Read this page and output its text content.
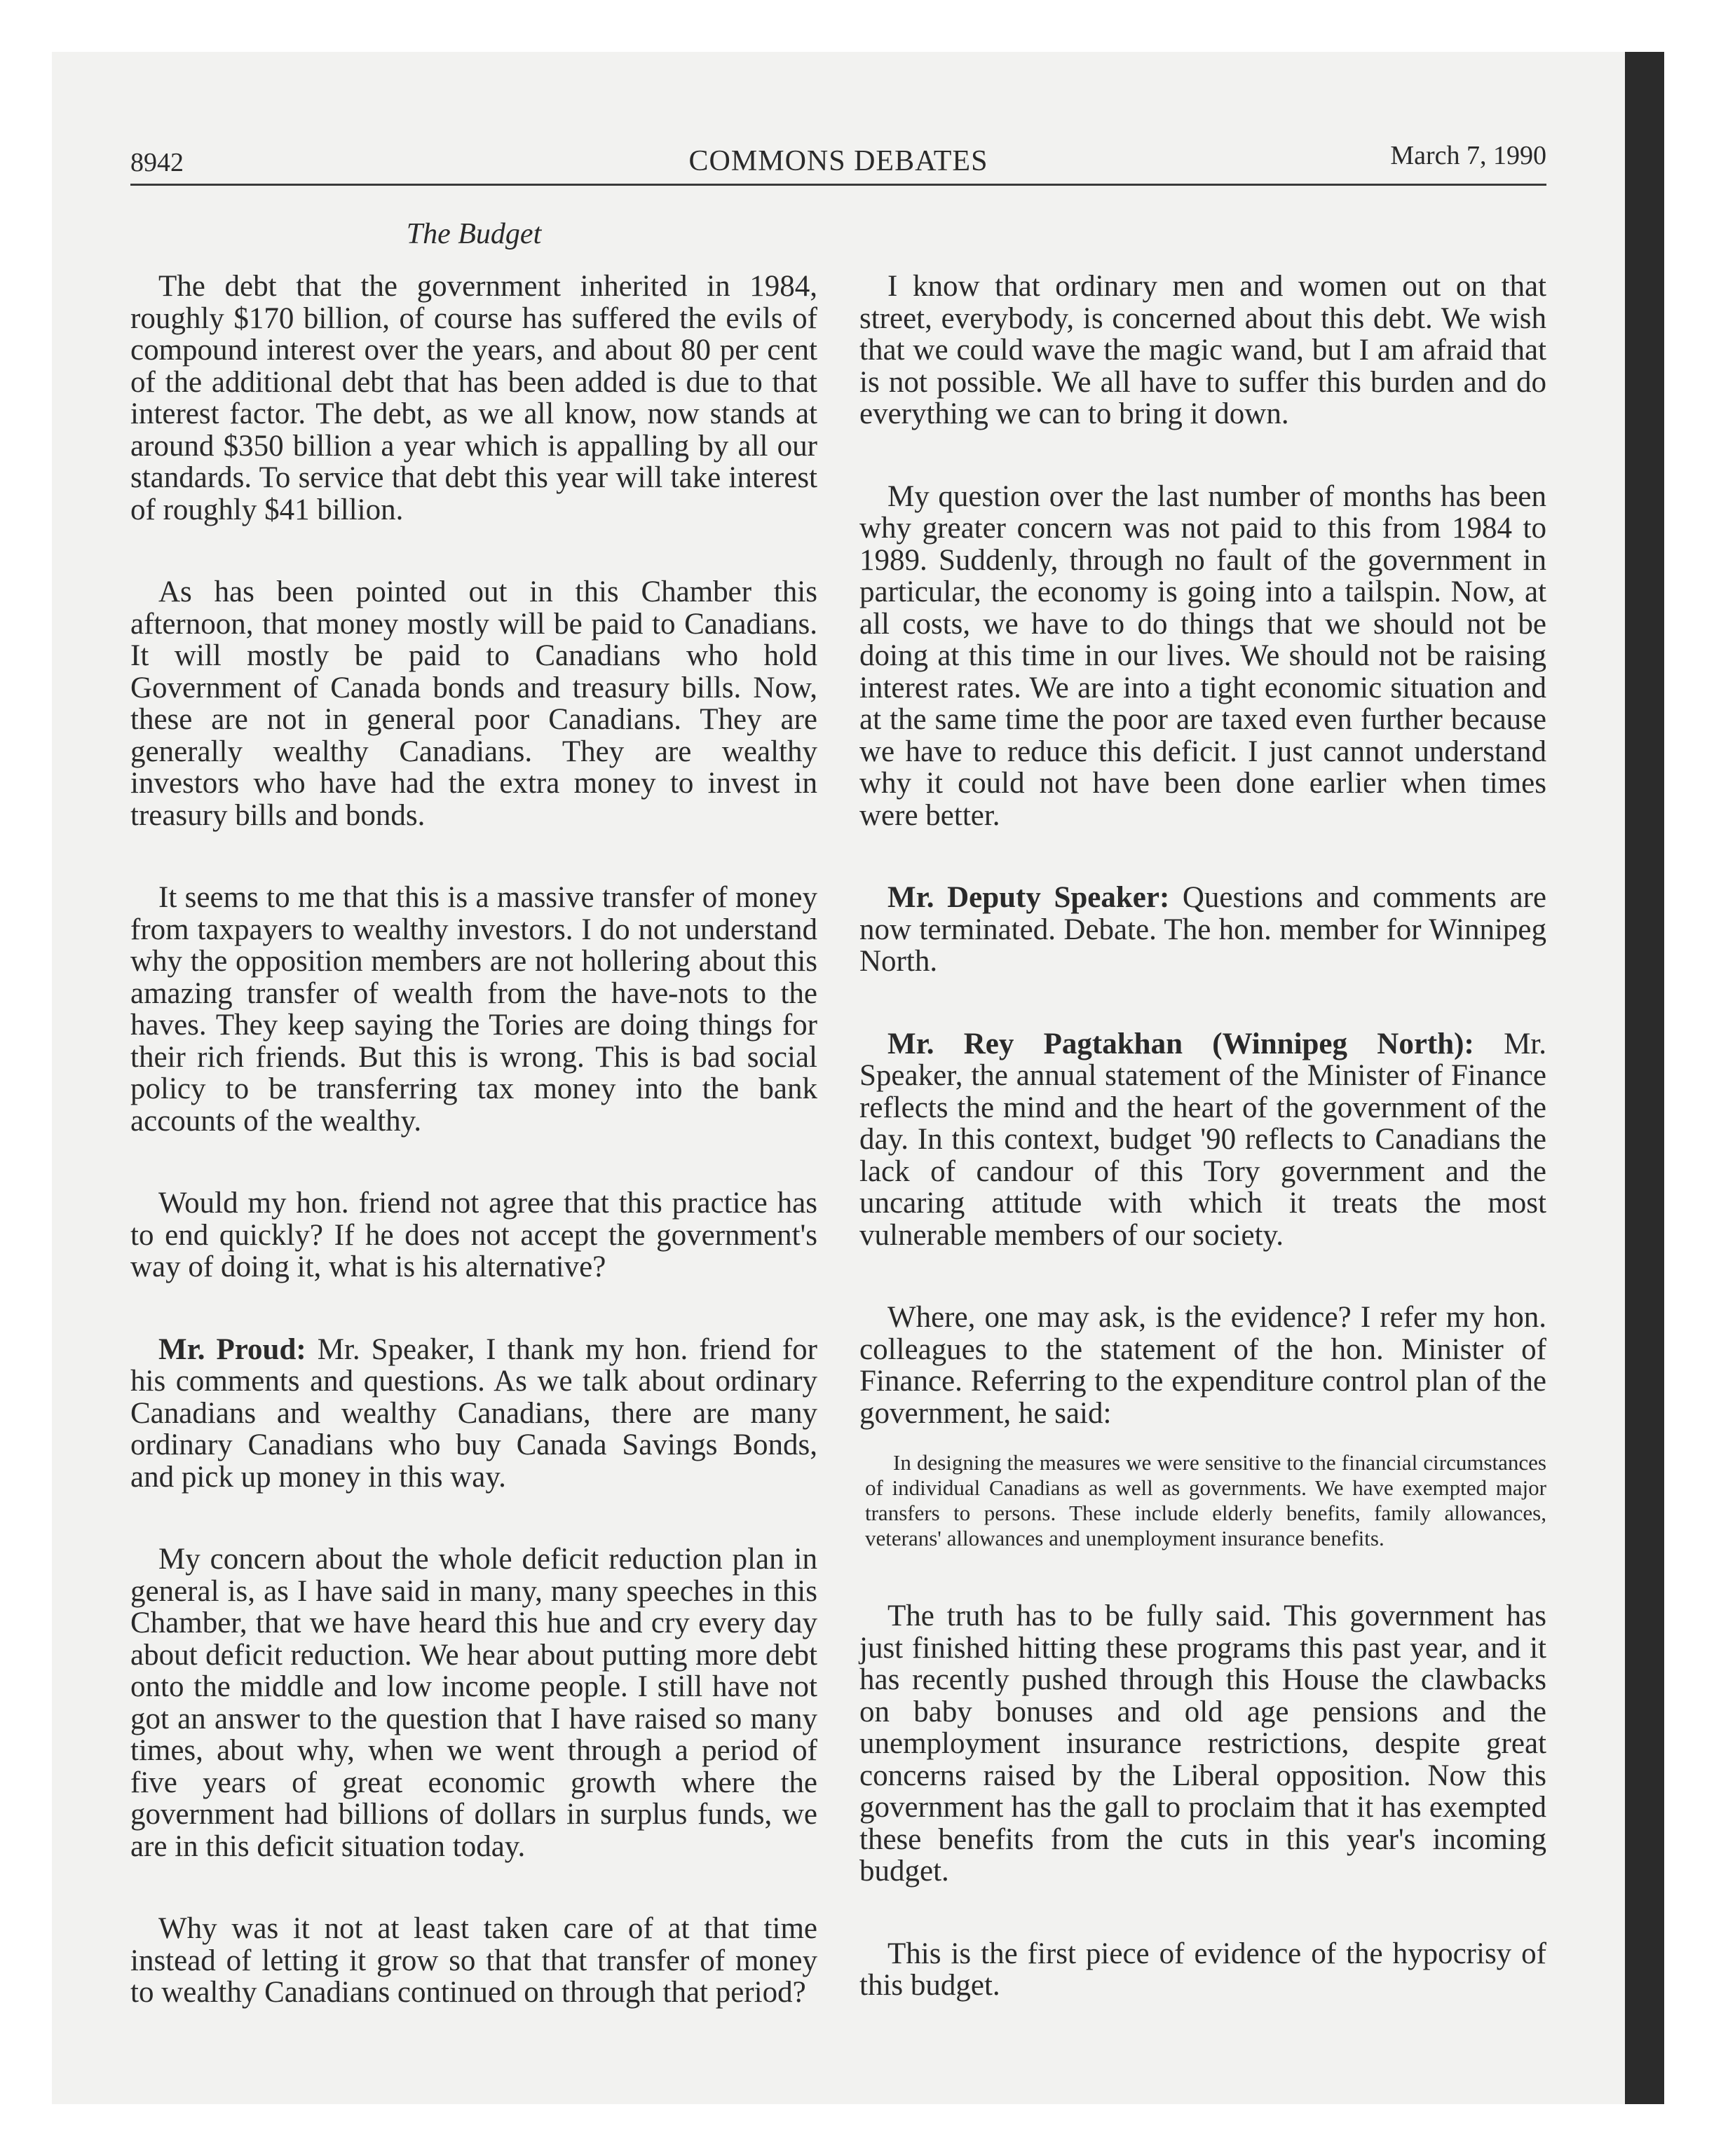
8942	COMMONS DEBATES	March 7, 1990
The Budget

The debt that the government inherited in 1984, roughly $170 billion, of course has suffered the evils of compound interest over the years, and about 80 per cent of the additional debt that has been added is due to that interest factor. The debt, as we all know, now stands at around $350 billion a year which is appalling by all our standards. To service that debt this year will take interest of roughly $41 billion.

As has been pointed out in this Chamber this afternoon, that money mostly will be paid to Canadians. It will mostly be paid to Canadians who hold Government of Canada bonds and treasury bills. Now, these are not in general poor Canadians. They are generally wealthy Canadians. They are wealthy investors who have had the extra money to invest in treasury bills and bonds.

It seems to me that this is a massive transfer of money from taxpayers to wealthy investors. I do not understand why the opposition members are not hollering about this amazing transfer of wealth from the have-nots to the haves. They keep saying the Tories are doing things for their rich friends. But this is wrong. This is bad social policy to be transferring tax money into the bank accounts of the wealthy.

Would my hon. friend not agree that this practice has to end quickly? If he does not accept the government's way of doing it, what is his alternative?

Mr. Proud: Mr. Speaker, I thank my hon. friend for his comments and questions. As we talk about ordinary Canadians and wealthy Canadians, there are many ordinary Canadians who buy Canada Savings Bonds, and pick up money in this way.

My concern about the whole deficit reduction plan in general is, as I have said in many, many speeches in this Chamber, that we have heard this hue and cry every day about deficit reduction. We hear about putting more debt onto the middle and low income people. I still have not got an answer to the question that I have raised so many times, about why, when we went through a period of five years of great economic growth where the government had billions of dollars in surplus funds, we are in this deficit situation today.

Why was it not at least taken care of at that time instead of letting it grow so that that transfer of money to wealthy Canadians continued on through that period?

I know that ordinary men and women out on that street, everybody, is concerned about this debt. We wish that we could wave the magic wand, but I am afraid that is not possible. We all have to suffer this burden and do everything we can to bring it down.

My question over the last number of months has been why greater concern was not paid to this from 1984 to 1989. Suddenly, through no fault of the government in particular, the economy is going into a tailspin. Now, at all costs, we have to do things that we should not be doing at this time in our lives. We should not be raising interest rates. We are into a tight economic situation and at the same time the poor are taxed even further because we have to reduce this deficit. I just cannot understand why it could not have been done earlier when times were better.

Mr. Deputy Speaker: Questions and comments are now terminated. Debate. The hon. member for Winnipeg North.

Mr. Rey Pagtakhan (Winnipeg North): Mr. Speaker, the annual statement of the Minister of Finance reflects the mind and the heart of the government of the day. In this context, budget '90 reflects to Canadians the lack of candour of this Tory government and the uncaring attitude with which it treats the most vulnerable members of our society.

Where, one may ask, is the evidence? I refer my hon. colleagues to the statement of the hon. Minister of Finance. Referring to the expenditure control plan of the government, he said:

In designing the measures we were sensitive to the financial circumstances of individual Canadians as well as governments. We have exempted major transfers to persons. These include elderly benefits, family allowances, veterans' allowances and unemployment insurance benefits.

The truth has to be fully said. This government has just finished hitting these programs this past year, and it has recently pushed through this House the clawbacks on baby bonuses and old age pensions and the unemployment insurance restrictions, despite great concerns raised by the Liberal opposition. Now this government has the gall to proclaim that it has exempted these benefits from the cuts in this year's incoming budget.

This is the first piece of evidence of the hypocrisy of this budget.
